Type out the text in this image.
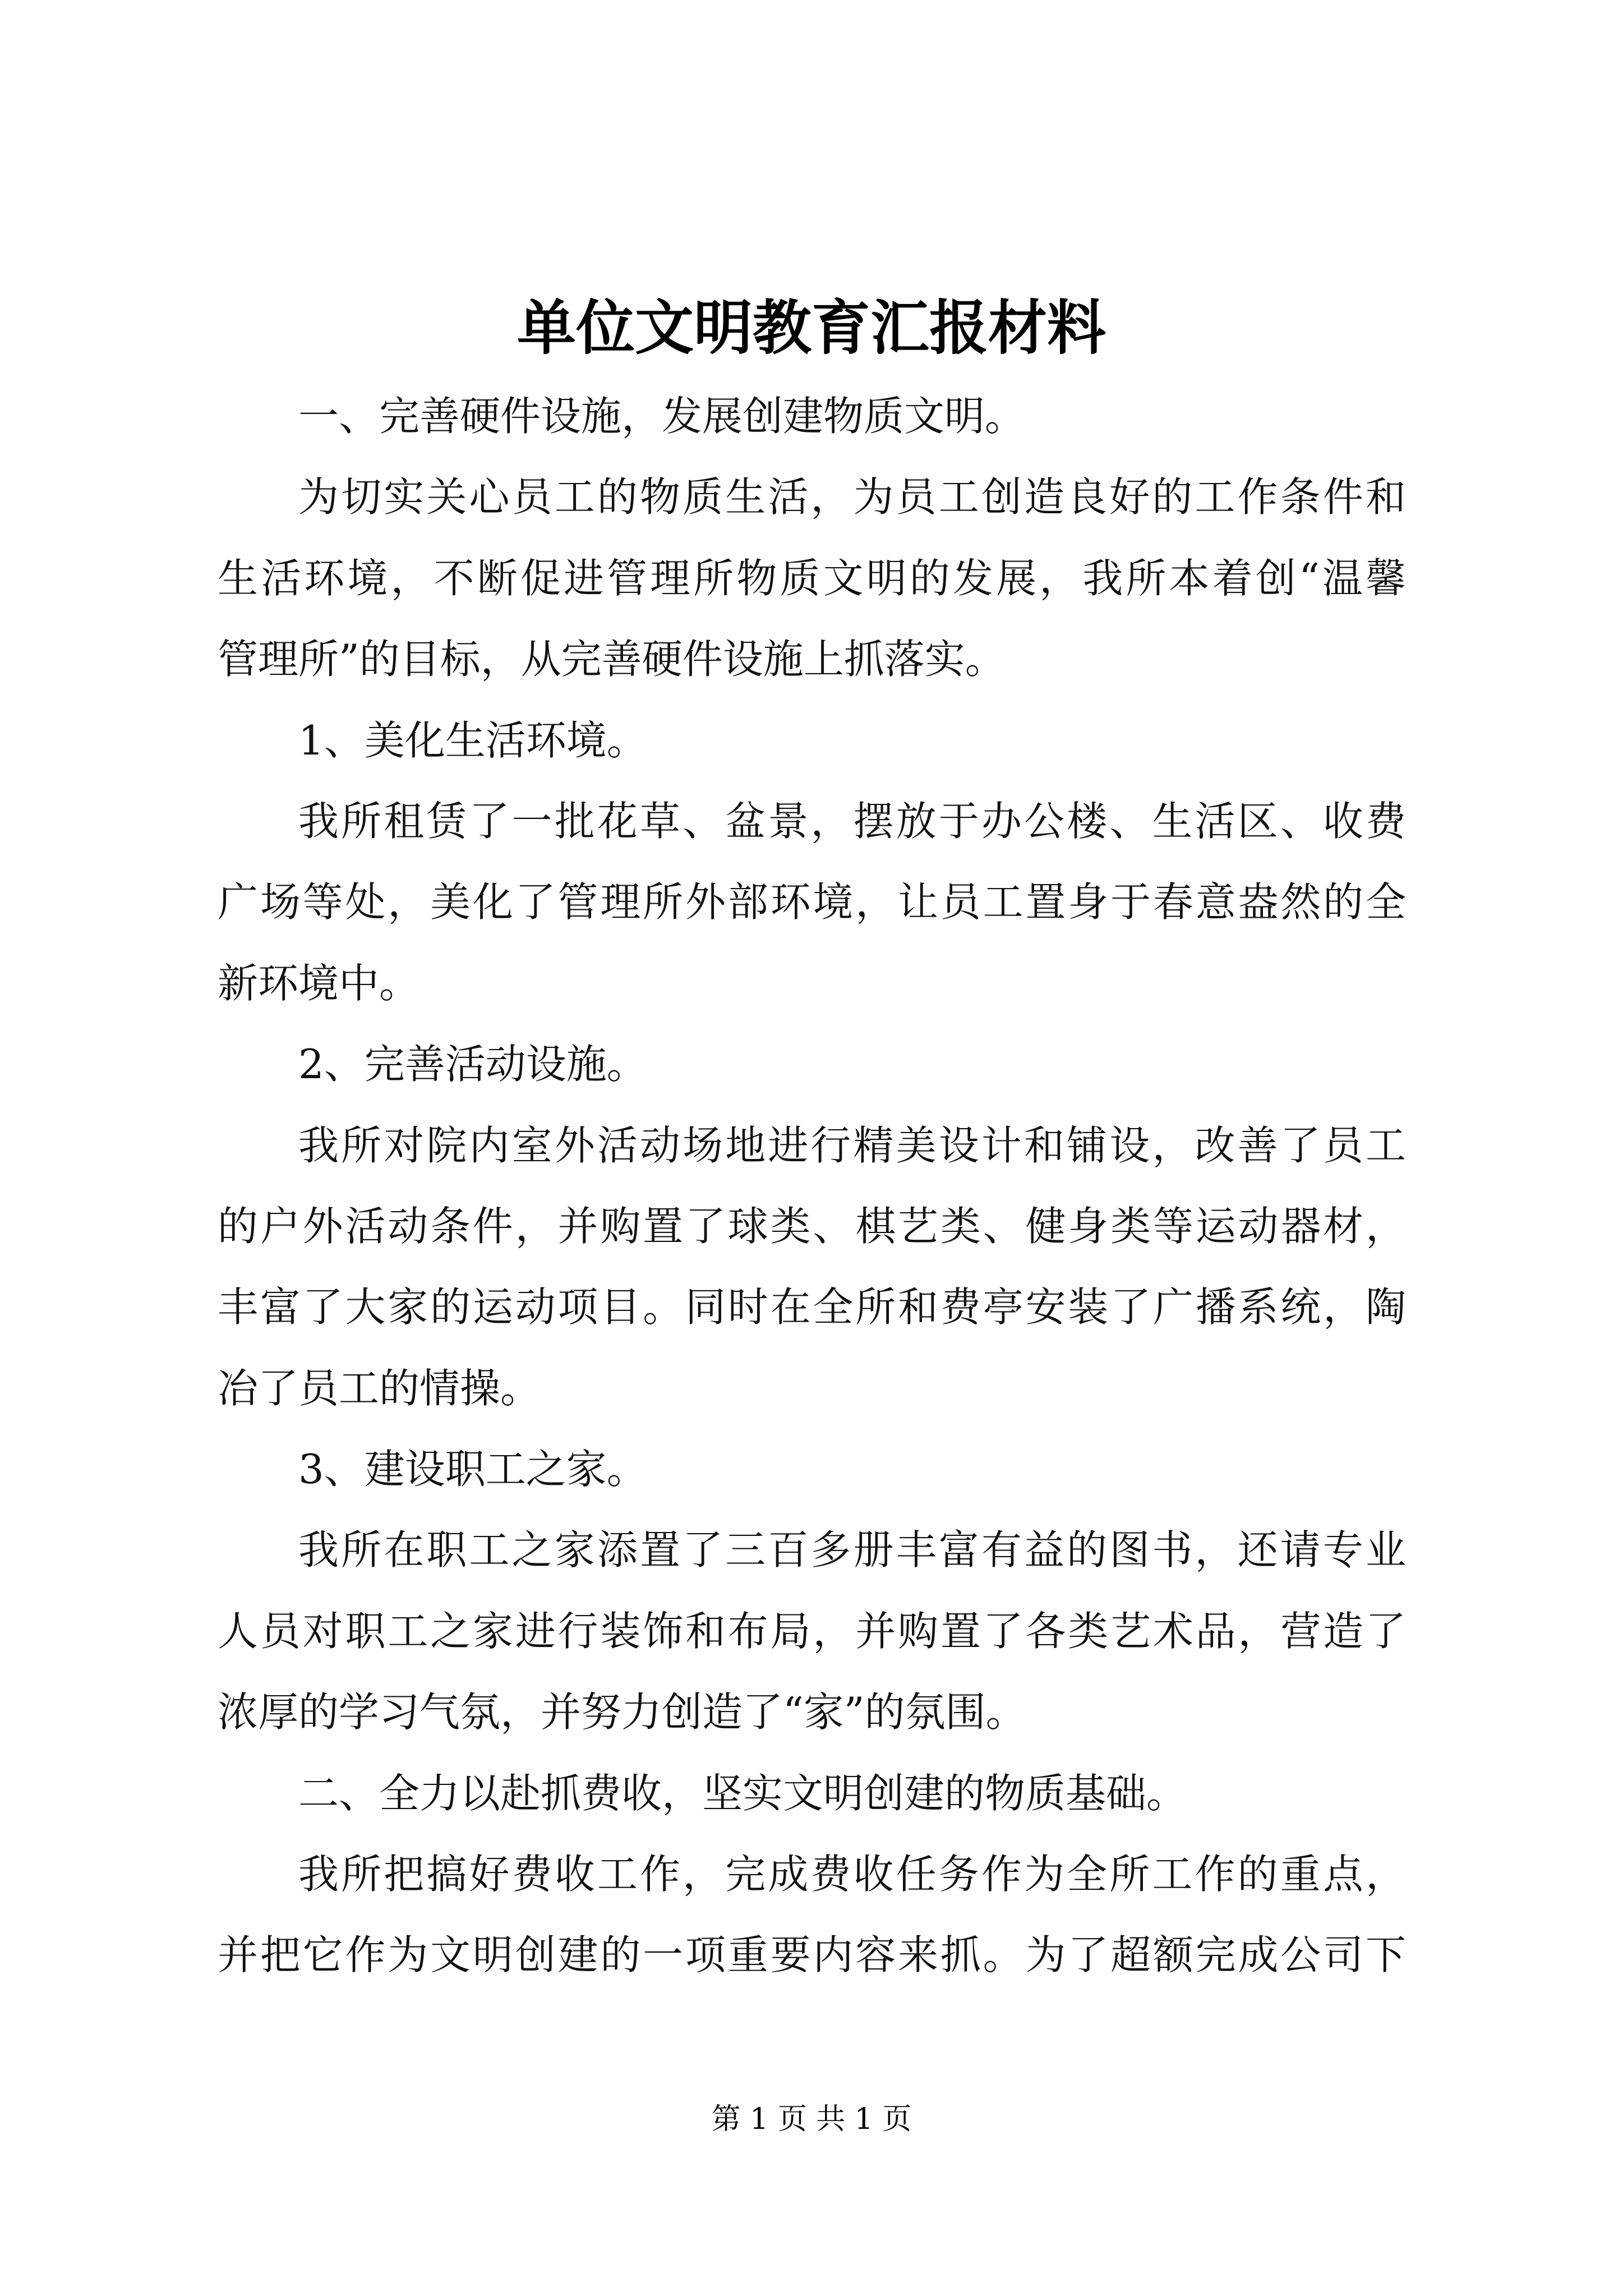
单位文明教育汇报材料
一、完善硬件设施，发展创建物质文明。
为切实关心员工的物质生活，为员工创造良好的工作条件和
生活环境，不断促进管理所物质文明的发展，我所本着创“温馨
管理所”的目标，从完善硬件设施上抓落实。
1、美化生活环境。
我所租赁了一批花草、盆景，摆放于办公楼、生活区、收费
广场等处，美化了管理所外部环境，让员工置身于春意盎然的全
新环境中。
2、完善活动设施。
我所对院内室外活动场地进行精美设计和铺设，改善了员工
的户外活动条件，并购置了球类、棋艺类、健身类等运动器材，
丰富了大家的运动项目。同时在全所和费亭安装了广播系统，陶
冶了员工的情操。
3、建设职工之家。
我所在职工之家添置了三百多册丰富有益的图书，还请专业
人员对职工之家进行装饰和布局，并购置了各类艺术品，营造了
浓厚的学习气氛，并努力创造了“家”的氛围。
二、全力以赴抓费收，坚实文明创建的物质基础。
我所把搞好费收工作，完成费收任务作为全所工作的重点，
并把它作为文明创建的一项重要内容来抓。为了超额完成公司下
第 1 页 共 1 页
